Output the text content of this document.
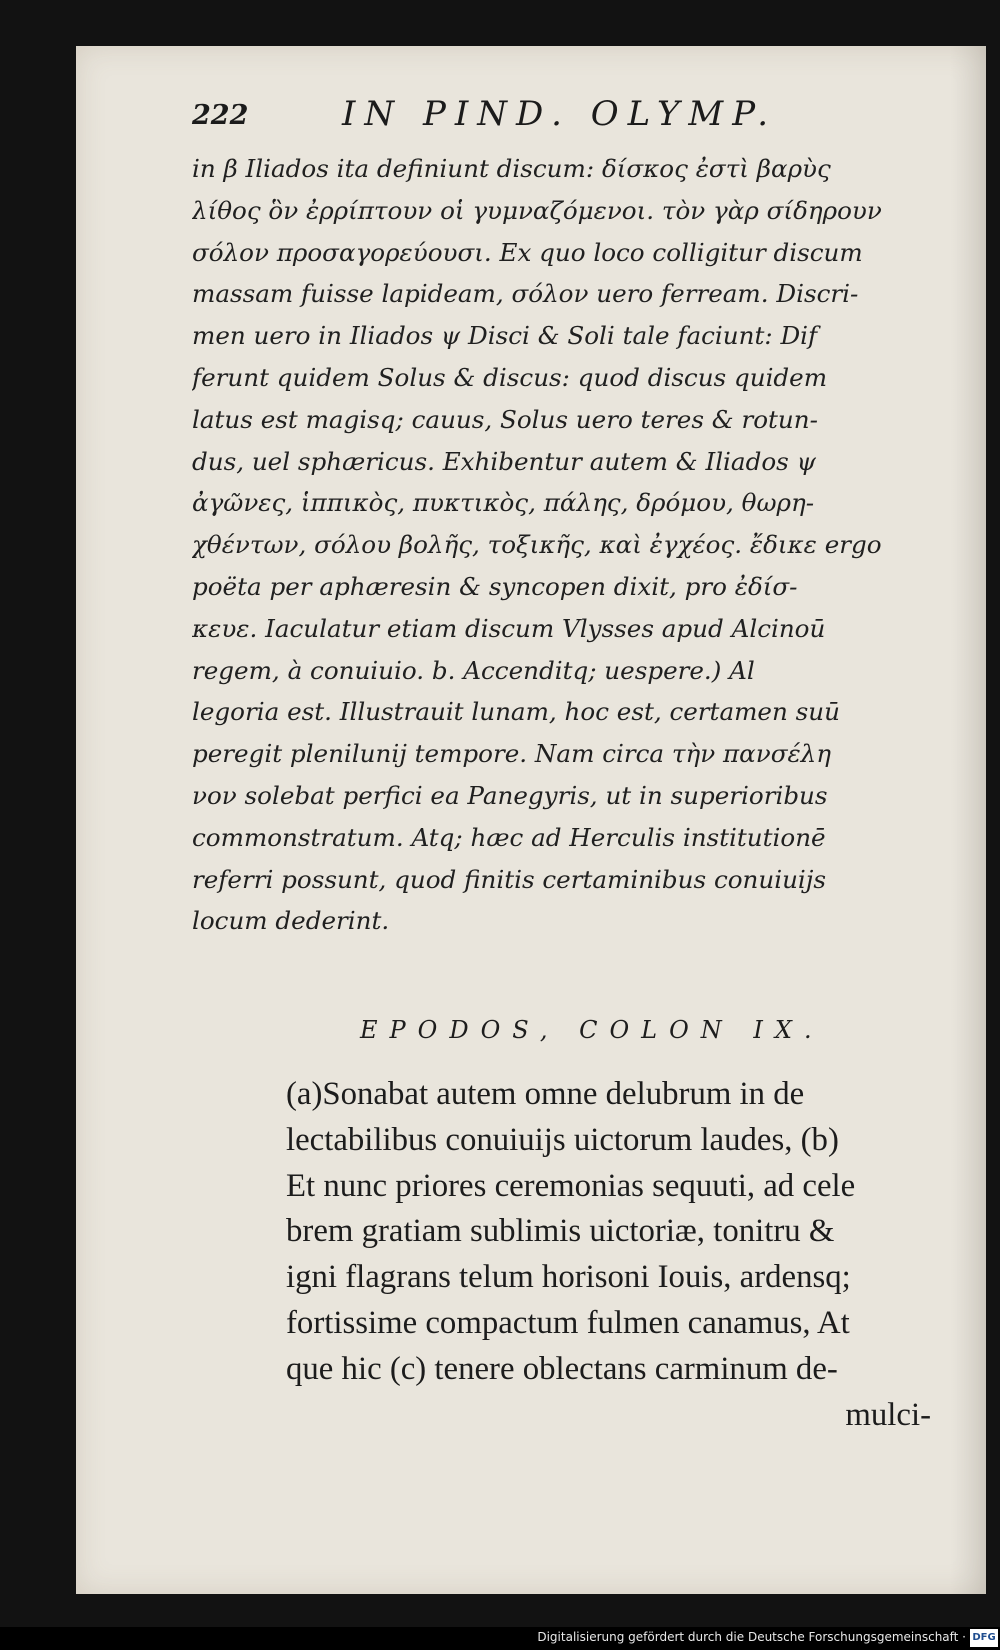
222	IN PIND. OLYMP.
in β Iliados ita definiunt discum: δίσκος ἐστὶ βαρὺς
λίθος ὃν ἐρρίπτουν οἱ γυμναζόμενοι. τὸν γὰρ σίδηρουν
σόλον προσαγορεύουσι. Ex quo loco colligitur discum
massam fuisse lapideam, σόλον uero ferream. Discri-
men uero in Iliados ψ Disci & Soli tale faciunt: Dif
ferunt quidem Solus & discus: quod discus quidem
latus est magisq; cauus, Solus uero teres & rotun-
dus, uel sphæricus. Exhibentur autem & Iliados ψ
ἀγῶνες, ἱππικὸς, πυκτικὸς, πάλης, δρόμου, θωρη-
χθέντων, σόλου βολῆς, τοξικῆς, καὶ ἐγχέος. ἔδικε ergo
poëta per aphæresin & syncopen dixit, pro ἐδίσ-
κευε. Iaculatur etiam discum Vlysses apud Alcinoū
regem, à conuiuio. b. Accenditq; uespere.) Al
legoria est. Illustrauit lunam, hoc est, certamen suū
peregit plenilunij tempore. Nam circa τὴν πανσέλη
νον solebat perfici ea Panegyris, ut in superioribus
commonstratum. Atq; hæc ad Herculis institutionē
referri possunt, quod finitis certaminibus conuiuijs
locum dederint.
EPODOS, COLON IX.
(a)Sonabat autem omne delubrum in de
lectabilibus conuiuijs uictorum laudes, (b)
Et nunc priores ceremonias sequuti, ad cele
brem gratiam sublimis uictoriæ, tonitru &
igni flagrans telum horisoni Iouis, ardensq;
fortissime compactum fulmen canamus, At
que hic (c) tenere oblectans carminum de-
mulci-
Digitalisierung gefördert durch die Deutsche Forschungsgemeinschaft · DFG
